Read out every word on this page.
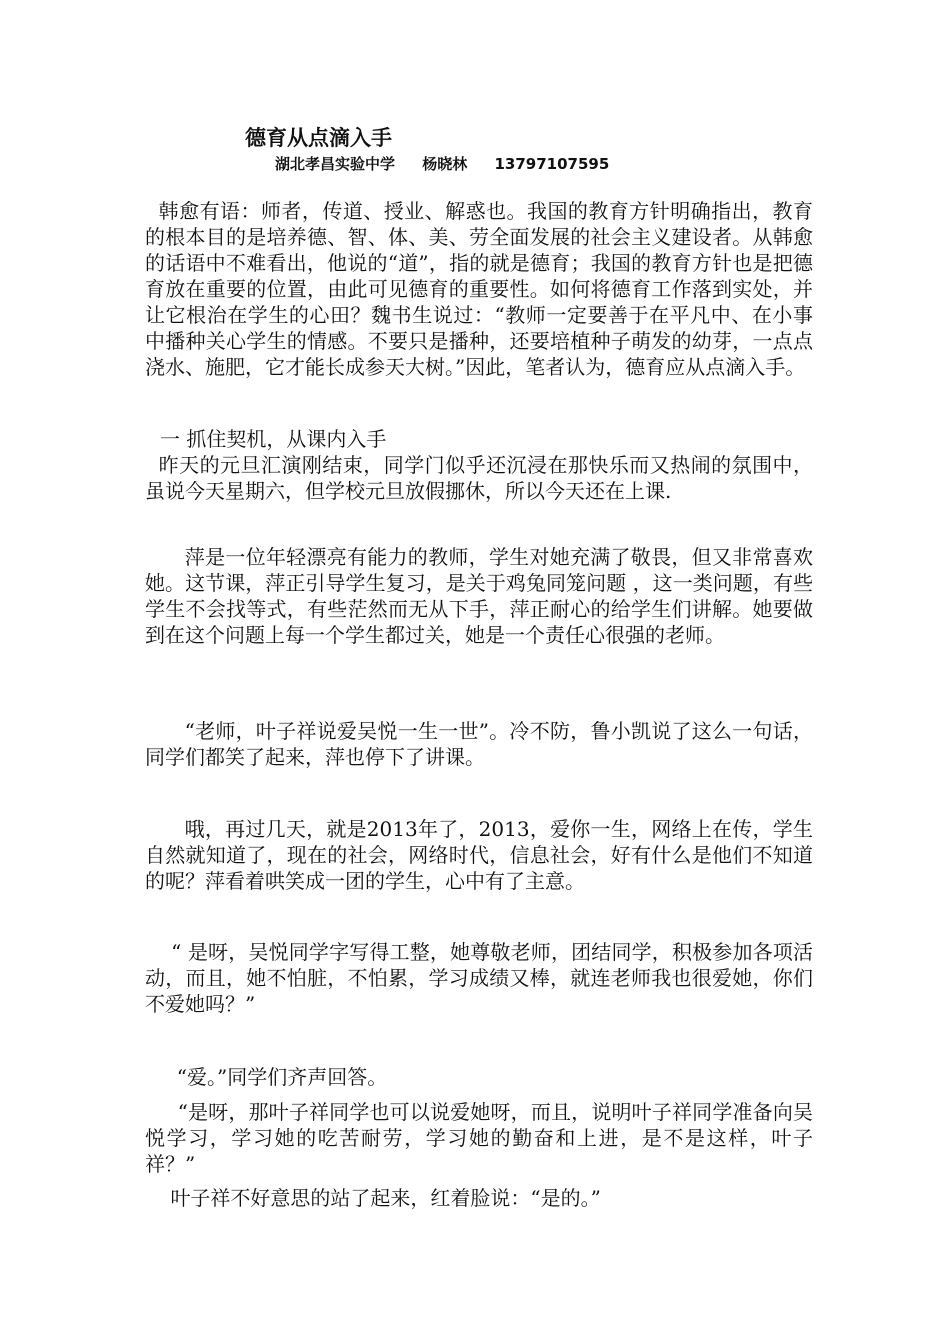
德育从点滴入手
湖北孝昌实验中学 杨晓林 13797107595

韩愈有语：师者，传道、授业、解惑也。我国的教育方针明确指出，教育的根本目的是培养德、智、体、美、劳全面发展的社会主义建设者。从韩愈的话语中不难看出，他说的“道”，指的就是德育；我国的教育方针也是把德育放在重要的位置，由此可见德育的重要性。如何将德育工作落到实处，并让它根治在学生的心田？魏书生说过：“教师一定要善于在平凡中、在小事中播种关心学生的情感。不要只是播种，还要培植种子萌发的幼芽，一点点浇水、施肥，它才能长成参天大树。”因此，笔者认为，德育应从点滴入手。

一 抓住契机，从课内入手

昨天的元旦汇演刚结束，同学门似乎还沉浸在那快乐而又热闹的氛围中，虽说今天星期六，但学校元旦放假挪休，所以今天还在上课.

萍是一位年轻漂亮有能力的教师，学生对她充满了敬畏，但又非常喜欢她。这节课，萍正引导学生复习，是关于鸡兔同笼问题 ，这一类问题，有些学生不会找等式，有些茫然而无从下手，萍正耐心的给学生们讲解。她要做到在这个问题上每一个学生都过关，她是一个责任心很强的老师。

“老师，叶子祥说爱吴悦一生一世”。冷不防，鲁小凯说了这么一句话，同学们都笑了起来，萍也停下了讲课。

哦，再过几天，就是2013年了，2013，爱你一生，网络上在传，学生自然就知道了，现在的社会，网络时代，信息社会，好有什么是他们不知道的呢？萍看着哄笑成一团的学生，心中有了主意。

“ 是呀，吴悦同学字写得工整，她尊敬老师，团结同学，积极参加各项活动，而且，她不怕脏，不怕累，学习成绩又棒，就连老师我也很爱她，你们不爱她吗？”

“爱。”同学们齐声回答。

“是呀，那叶子祥同学也可以说爱她呀，而且，说明叶子祥同学准备向吴悦学习，学习她的吃苦耐劳，学习她的勤奋和上进，是不是这样，叶子祥？”

叶子祥不好意思的站了起来，红着脸说：“是的。”
